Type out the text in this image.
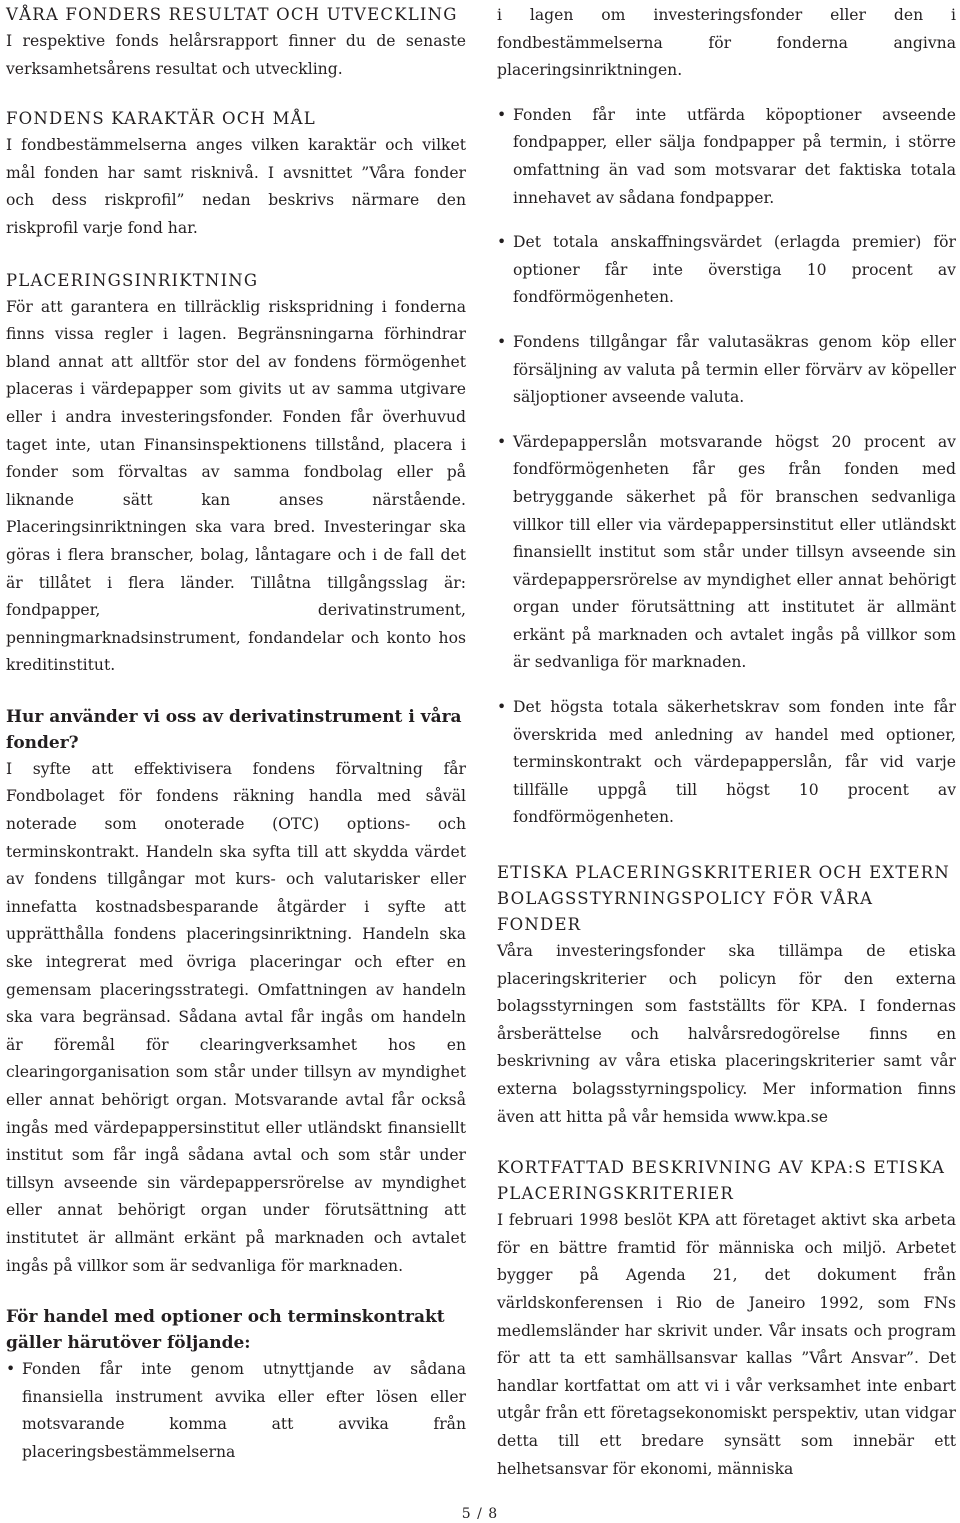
VÅRA FONDERS RESULTAT OCH UTVECKLING

I respektive fonds helårsrapport finner du de senaste verksamhetsårens resultat och utveckling.

FONDENS KARAKTÄR OCH MÅL

I fondbestämmelserna anges vilken karaktär och vilket mål fonden har samt risknivå. I avsnittet ”Våra fonder och dess riskprofil” nedan beskrivs närmare den riskprofil varje fond har.

PLACERINGSINRIKTNING

För att garantera en tillräcklig riskspridning i fonderna finns vissa regler i lagen. Begränsningarna förhindrar bland annat att alltför stor del av fondens förmögenhet placeras i värdepapper som givits ut av samma utgivare eller i andra investeringsfonder. Fonden får överhuvud taget inte, utan Finansinspektionens tillstånd, placera i fonder som förvaltas av samma fondbolag eller på liknande sätt kan anses närstående. Placeringsinriktningen ska vara bred. Investeringar ska göras i flera branscher, bolag, låntagare och i de fall det är tillåtet i flera länder. Tillåtna tillgångsslag är: fondpapper, derivatinstrument, penningmarknadsinstrument, fondandelar och konto hos kreditinstitut.

Hur använder vi oss av derivatinstrument i våra fonder?

I syfte att effektivisera fondens förvaltning får Fondbolaget för fondens räkning handla med såväl noterade som onoterade (OTC) options- och terminskontrakt. Handeln ska syfta till att skydda värdet av fondens tillgångar mot kurs- och valutarisker eller innefatta kostnadsbesparande åtgärder i syfte att upprätthålla fondens placeringsinriktning. Handeln ska ske integrerat med övriga placeringar och efter en gemensam placeringsstrategi. Omfattningen av handeln ska vara begränsad. Sådana avtal får ingås om handeln är föremål för clearingverksamhet hos en clearingorganisation som står under tillsyn av myndighet eller annat behörigt organ. Motsvarande avtal får också ingås med värdepappersinstitut eller utländskt finansiellt institut som får ingå sådana avtal och som står under tillsyn avseende sin värdepappersrörelse av myndighet eller annat behörigt organ under förutsättning att institutet är allmänt erkänt på marknaden och avtalet ingås på villkor som är sedvanliga för marknaden.

För handel med optioner och terminskontrakt gäller härutöver följande:

• Fonden får inte genom utnyttjande av sådana finansiella instrument avvika eller efter lösen eller motsvarande komma att avvika från placeringsbestämmelserna

i lagen om investeringsfonder eller den i fondbestämmelserna för fonderna angivna placeringsinriktningen.

• Fonden får inte utfärda köpoptioner avseende fondpapper, eller sälja fondpapper på termin, i större omfattning än vad som motsvarar det faktiska totala innehavet av sådana fondpapper.
• Det totala anskaffningsvärdet (erlagda premier) för optioner får inte överstiga 10 procent av fondförmögenheten.
• Fondens tillgångar får valutasäkras genom köp eller försäljning av valuta på termin eller förvärv av köpeller säljoptioner avseende valuta.
• Värdepapperslån motsvarande högst 20 procent av fondförmögenheten får ges från fonden med betryggande säkerhet på för branschen sedvanliga villkor till eller via värdepappersinstitut eller utländskt finansiellt institut som står under tillsyn avseende sin värdepappersrörelse av myndighet eller annat behörigt organ under förutsättning att institutet är allmänt erkänt på marknaden och avtalet ingås på villkor som är sedvanliga för marknaden.
• Det högsta totala säkerhetskrav som fonden inte får överskrida med anledning av handel med optioner, terminskontrakt och värdepapperslån, får vid varje tillfälle uppgå till högst 10 procent av fondförmögenheten.
ETISKA PLACERINGSKRITERIER OCH EXTERN BOLAGSSTYRNINGSPOLICY FÖR VÅRA FONDER

Våra investeringsfonder ska tillämpa de etiska placeringskriterier och policyn för den externa bolagsstyrningen som fastställts för KPA. I fondernas årsberättelse och halvårsredogörelse finns en beskrivning av våra etiska placeringskriterier samt vår externa bolagsstyrningspolicy. Mer information finns även att hitta på vår hemsida www.kpa.se

KORTFATTAD BESKRIVNING AV KPA:S ETISKA PLACERINGSKRITERIER

I februari 1998 beslöt KPA att företaget aktivt ska arbeta för en bättre framtid för människa och miljö. Arbetet bygger på Agenda 21, det dokument från världskonferensen i Rio de Janeiro 1992, som FNs medlemsländer har skrivit under. Vår insats och program för att ta ett samhällsansvar kallas ”Vårt Ansvar”. Det handlar kortfattat om att vi i vår verksamhet inte enbart utgår från ett företagsekonomiskt perspektiv, utan vidgar detta till ett bredare synsätt som innebär ett helhetsansvar för ekonomi, människa

5 / 8
